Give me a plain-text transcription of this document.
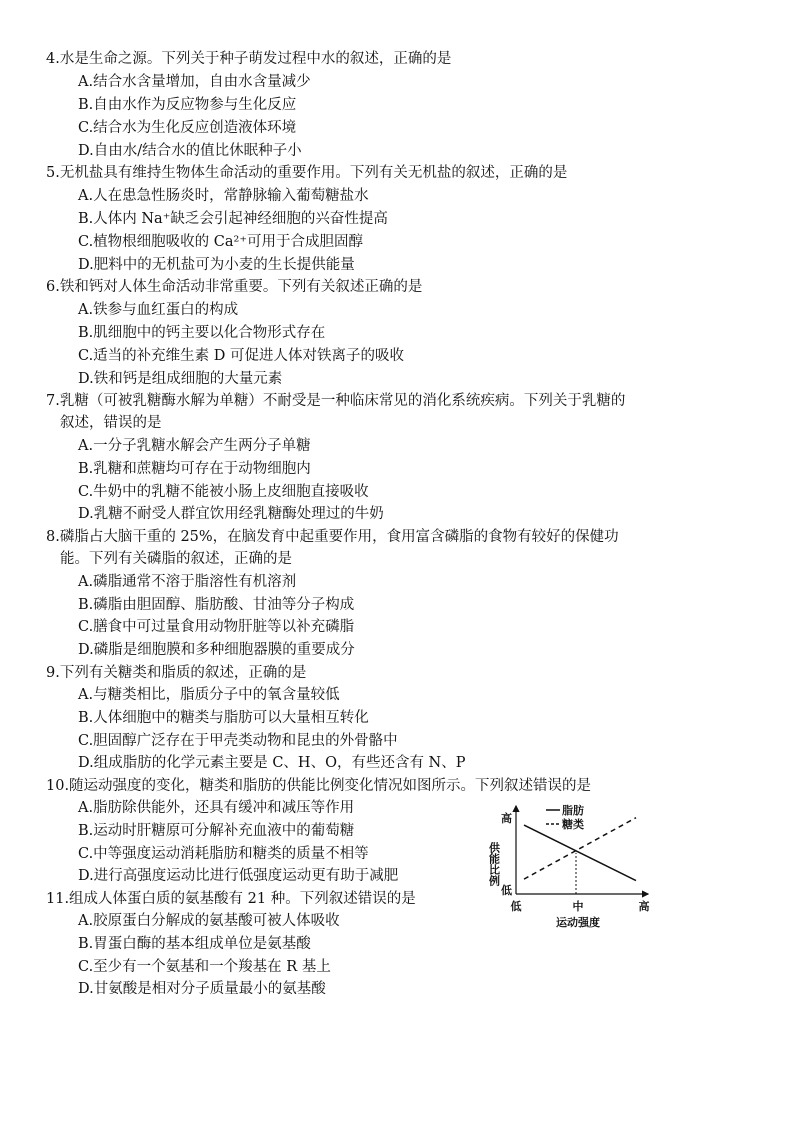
4.水是生命之源。下列关于种子萌发过程中水的叙述，正确的是
A.结合水含量增加，自由水含量减少
B.自由水作为反应物参与生化反应
C.结合水为生化反应创造液体环境
D.自由水/结合水的值比休眠种子小
5.无机盐具有维持生物体生命活动的重要作用。下列有关无机盐的叙述，正确的是
A.人在患急性肠炎时，常静脉输入葡萄糖盐水
B.人体内 Na⁺缺乏会引起神经细胞的兴奋性提高
C.植物根细胞吸收的 Ca²⁺可用于合成胆固醇
D.肥料中的无机盐可为小麦的生长提供能量
6.铁和钙对人体生命活动非常重要。下列有关叙述正确的是
A.铁参与血红蛋白的构成
B.肌细胞中的钙主要以化合物形式存在
C.适当的补充维生素 D 可促进人体对铁离子的吸收
D.铁和钙是组成细胞的大量元素
7.乳糖（可被乳糖酶水解为单糖）不耐受是一种临床常见的消化系统疾病。下列关于乳糖的
叙述，错误的是
A.一分子乳糖水解会产生两分子单糖
B.乳糖和蔗糖均可存在于动物细胞内
C.牛奶中的乳糖不能被小肠上皮细胞直接吸收
D.乳糖不耐受人群宜饮用经乳糖酶处理过的牛奶
8.磷脂占大脑干重的 25%，在脑发育中起重要作用，食用富含磷脂的食物有较好的保健功
能。下列有关磷脂的叙述，正确的是
A.磷脂通常不溶于脂溶性有机溶剂
B.磷脂由胆固醇、脂肪酸、甘油等分子构成
C.膳食中可过量食用动物肝脏等以补充磷脂
D.磷脂是细胞膜和多种细胞器膜的重要成分
9.下列有关糖类和脂质的叙述，正确的是
A.与糖类相比，脂质分子中的氧含量较低
B.人体细胞中的糖类与脂肪可以大量相互转化
C.胆固醇广泛存在于甲壳类动物和昆虫的外骨骼中
D.组成脂肪的化学元素主要是 C、H、O，有些还含有 N、P
10.随运动强度的变化，糖类和脂肪的供能比例变化情况如图所示。下列叙述错误的是
A.脂肪除供能外，还具有缓冲和减压等作用
B.运动时肝糖原可分解补充血液中的葡萄糖
C.中等强度运动消耗脂肪和糖类的质量不相等
D.进行高强度运动比进行低强度运动更有助于减肥
11.组成人体蛋白质的氨基酸有 21 种。下列叙述错误的是
A.胶原蛋白分解成的氨基酸可被人体吸收
B.胃蛋白酶的基本组成单位是氨基酸
C.至少有一个氨基和一个羧基在 R 基上
D.甘氨酸是相对分子质量最小的氨基酸
脂肪
糖类
高
低
供能比例
低	中	高
运动强度
